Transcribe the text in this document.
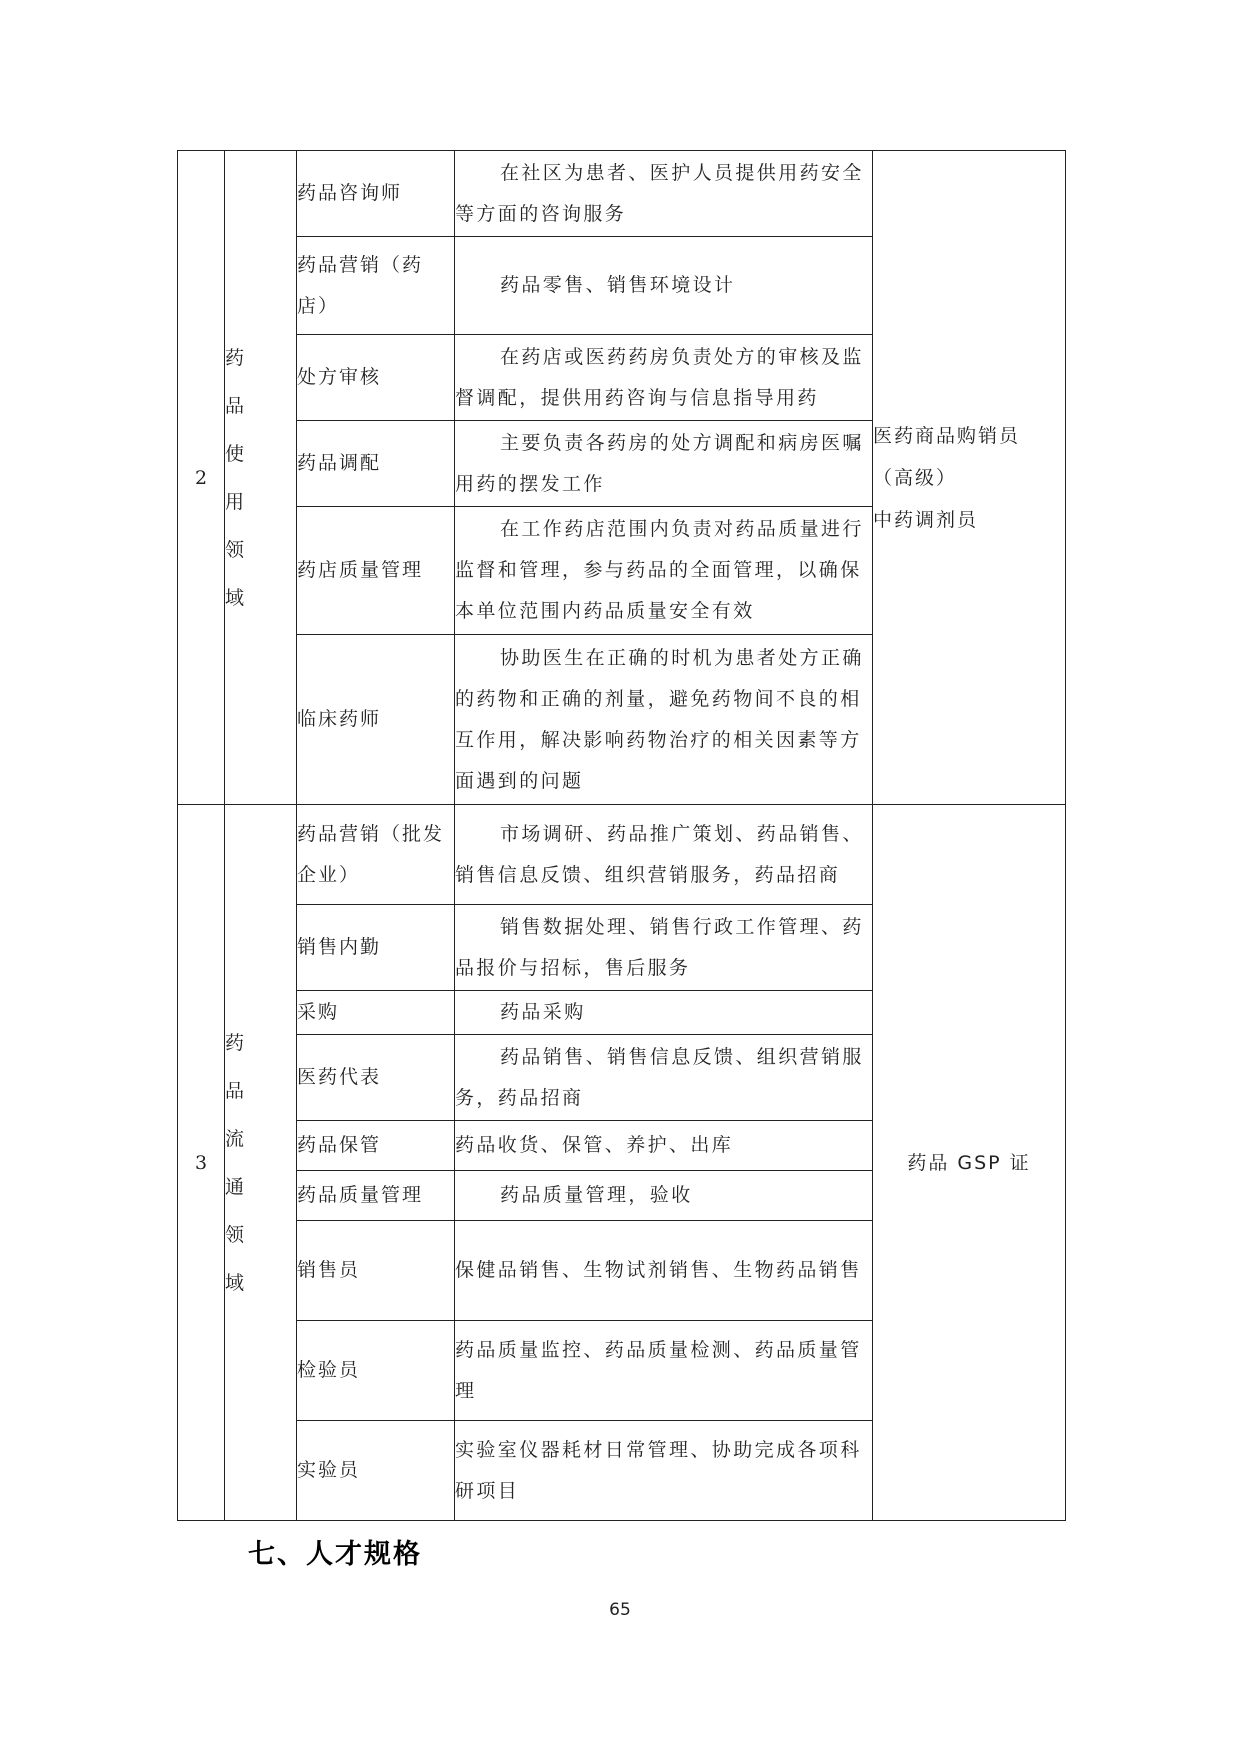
2	药品使用领域	药品咨询师	在社区为患者、医护人员提供用药安全等方面的咨询服务	医药商品购销员
（高级）
中药调剂员

		药品营销（药店）	药品零售、销售环境设计	

		处方审核	在药店或医药药房负责处方的审核及监督调配，提供用药咨询与信息指导用药	

		药品调配	主要负责各药房的处方调配和病房医嘱用药的摆发工作	

		药店质量管理	在工作药店范围内负责对药品质量进行监督和管理，参与药品的全面管理，以确保本单位范围内药品质量安全有效	

		临床药师	协助医生在正确的时机为患者处方正确的药物和正确的剂量，避免药物间不良的相互作用，解决影响药物治疗的相关因素等方面遇到的问题	

3	药品流通领域	药品营销（批发企业）	市场调研、药品推广策划、药品销售、销售信息反馈、组织营销服务，药品招商	药品 GSP 证
		销售内勤	销售数据处理、销售行政工作管理、药品报价与招标，售后服务	

		采购	药品采购	

		医药代表	药品销售、销售信息反馈、组织营销服务，药品招商	

		药品保管	药品收货、保管、养护、出库	

		药品质量管理	药品质量管理，验收	

		销售员	保健品销售、生物试剂销售、生物药品销售	

		检验员	药品质量监控、药品质量检测、药品质量管理	

		实验员	实验室仪器耗材日常管理、协助完成各项科研项目	
七、人才规格
65
